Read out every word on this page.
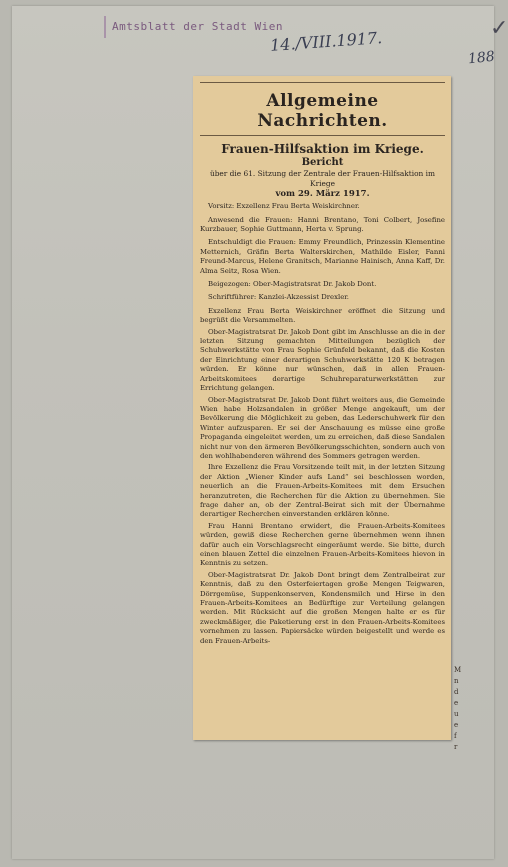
Amtsblatt der Stadt Wien
14./VIII.1917.
188
✓
Allgemeine Nachrichten.
Frauen-Hilfsaktion im Kriege.
Bericht
über die 61. Sitzung der Zentrale der Frauen-Hilfsaktion im Kriege
vom 29. März 1917.

Vorsitz: Exzellenz Frau Berta Weiskirchner.

Anwesend die Frauen: Hanni Brentano, Toni Colbert, Josefine Kurzbauer, Sophie Guttmann, Herta v. Sprung.

Entschuldigt die Frauen: Emmy Freundlich, Prinzessin Klementine Metternich, Gräfin Berta Walterskirchen, Mathilde Eisler, Fanni Freund-Marcus, Helene Granitsch, Marianne Hainisch, Anna Kaff, Dr. Alma Seitz, Rosa Wien.

Beigezogen: Ober-Magistratsrat Dr. Jakob Dont.

Schriftführer: Kanzlei-Akzessist Drexler.

Exzellenz Frau Berta Weiskirchner eröffnet die Sitzung und begrüßt die Versammelten.

Ober-Magistratsrat Dr. Jakob Dont gibt im Anschlusse an die in der letzten Sitzung gemachten Mitteilungen bezüglich der Schuhwerkstätte von Frau Sophie Grünfeld bekannt, daß die Kosten der Einrichtung einer derartigen Schuhwerkstätte 120 K betragen würden. Er könne nur wünschen, daß in allen Frauen-Arbeitskomitees derartige Schuhreparaturwerkstätten zur Errichtung gelangen.

Ober-Magistratsrat Dr. Jakob Dont führt weiters aus, die Gemeinde Wien habe Holzsandalen in größer Menge angekauft, um der Bevölkerung die Möglichkeit zu geben, das Lederschuhwerk für den Winter aufzusparen. Er sei der Anschauung es müsse eine große Propaganda eingeleitet werden, um zu erreichen, daß diese Sandalen nicht nur von den ärmeren Bevölkerungsschichten, sondern auch von den wohlhabenderen während des Sommers getragen werden.

Ihre Exzellenz die Frau Vorsitzende teilt mit, in der letzten Sitzung der Aktion „Wiener Kinder aufs Land“ sei beschlossen worden, neuerlich an die Frauen-Arbeits-Komitees mit dem Ersuchen heranzutreten, die Recherchen für die Aktion zu übernehmen. Sie frage daher an, ob der Zentral-Beirat sich mit der Übernahme derartiger Recherchen einverstanden erklären könne.

Frau Hanni Brentano erwidert, die Frauen-Arbeits-Komitees würden, gewiß diese Recherchen gerne übernehmen wenn ihnen dafür auch ein Vorschlagsrecht eingeräumt werde. Sie bitte, durch einen blauen Zettel die einzelnen Frauen-Arbeits-Komitees hievon in Kenntnis zu setzen.

Ober-Magistratsrat Dr. Jakob Dont bringt dem Zentralbeirat zur Kenntnis, daß zu den Osterfeiertagen große Mengen Teigwaren, Dörrgemüse, Suppenkonserven, Kondensmilch und Hirse in den Frauen-Arbeits-Komitees an Bedürftige zur Verteilung gelangen werden. Mit Rücksicht auf die großen Mengen halte er es für zweckmäßiger, die Paketierung erst in den Frauen-Arbeits-Komitees vornehmen zu lassen. Papiersäcke würden beigestellt und werde es den Frauen-Arbeits-

M
n
d
e
u
e
f
r
